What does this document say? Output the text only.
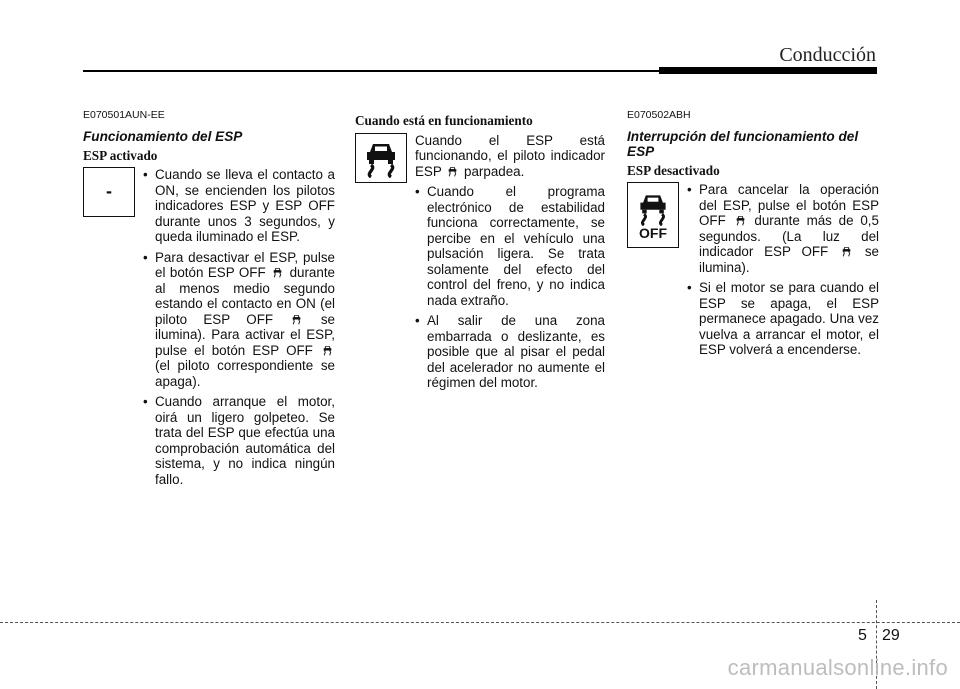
Conducción
E070501AUN-EE
Funcionamiento del ESP
ESP activado
-
• Cuando se lleva el contacto a ON, se encienden los pilotos indicadores ESP y ESP OFF durante unos 3 segundos, y queda iluminado el ESP.
• Para desactivar el ESP, pulse el botón ESP OFF durante al menos medio segundo estando el contacto en ON (el piloto ESP OFF	se ilumina). Para activar el ESP, pulse el botón ESP OFF  (el piloto correspondiente se apaga).
• Cuando arranque el motor, oirá un ligero golpeteo. Se trata del ESP que efectúa una comprobación automática del sistema, y no indica ningún fallo.
Cuando está en funcionamiento

Cuando el ESP está funcionando, el piloto indicador ESP parpadea.

• Cuando el programa electrónico de estabilidad funciona correctamente, se percibe en el vehículo una pulsación ligera. Se trata solamente del efecto del control del freno, y no indica nada extraño.
• Al salir de una zona embarrada o deslizante, es posible que al pisar el pedal del acelerador no aumente el régimen del motor.
E070502ABH
Interrupción del funcionamiento del ESP
ESP desactivado
OFF
• Para cancelar la operación del ESP, pulse el botón ESP OFF durante más de 0,5 segundos. (La luz del indicador ESP OFF	se ilumina).
• Si el motor se para cuando el ESP se apaga, el ESP permanece apagado. Una vez vuelva a arrancar el motor, el ESP volverá a encenderse.
5 29
carmanualsonline.info
